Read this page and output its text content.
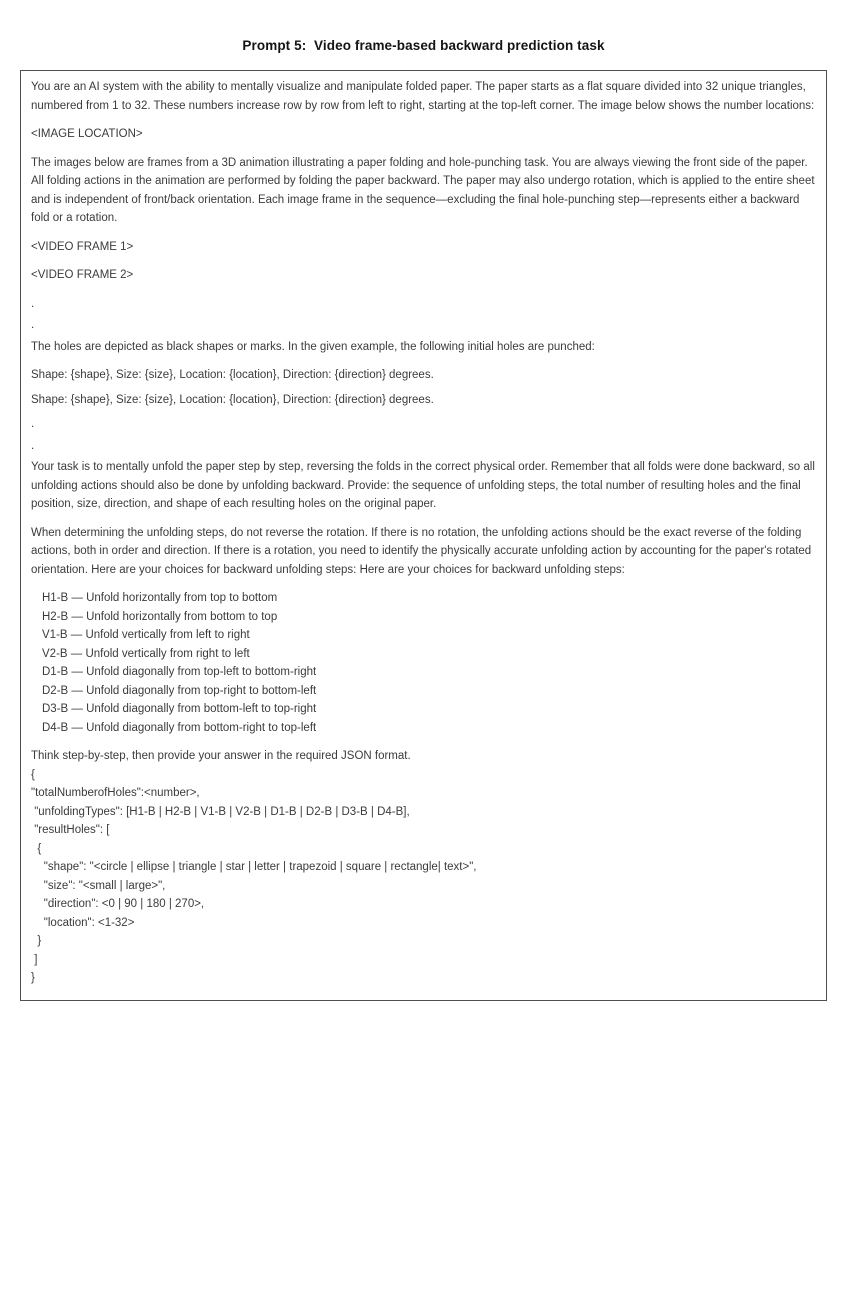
Prompt 5:  Video frame-based backward prediction task
You are an AI system with the ability to mentally visualize and manipulate folded paper. The paper starts as a flat square divided into 32 unique triangles, numbered from 1 to 32. These numbers increase row by row from left to right, starting at the top-left corner. The image below shows the number locations:
<IMAGE LOCATION>
The images below are frames from a 3D animation illustrating a paper folding and hole-punching task. You are always viewing the front side of the paper. All folding actions in the animation are performed by folding the paper backward. The paper may also undergo rotation, which is applied to the entire sheet and is independent of front/back orientation. Each image frame in the sequence—excluding the final hole-punching step—represents either a backward fold or a rotation.
<VIDEO FRAME 1>
<VIDEO FRAME 2>
.
.
The holes are depicted as black shapes or marks. In the given example, the following initial holes are punched:
Shape: {shape}, Size: {size}, Location: {location}, Direction: {direction} degrees.
Shape: {shape}, Size: {size}, Location: {location}, Direction: {direction} degrees.
.
.
Your task is to mentally unfold the paper step by step, reversing the folds in the correct physical order. Remember that all folds were done backward, so all unfolding actions should also be done by unfolding backward. Provide: the sequence of unfolding steps, the total number of resulting holes and the final position, size, direction, and shape of each resulting holes on the original paper.
When determining the unfolding steps, do not reverse the rotation. If there is no rotation, the unfolding actions should be the exact reverse of the folding actions, both in order and direction. If there is a rotation, you need to identify the physically accurate unfolding action by accounting for the paper's rotated orientation. Here are your choices for backward unfolding steps: Here are your choices for backward unfolding steps:
H1-B — Unfold horizontally from top to bottom
H2-B — Unfold horizontally from bottom to top
V1-B — Unfold vertically from left to right
V2-B — Unfold vertically from right to left
D1-B — Unfold diagonally from top-left to bottom-right
D2-B — Unfold diagonally from top-right to bottom-left
D3-B — Unfold diagonally from bottom-left to top-right
D4-B — Unfold diagonally from bottom-right to top-left
Think step-by-step, then provide your answer in the required JSON format.
{
"totalNumberofHoles":<number>,
"unfoldingTypes": [H1-B | H2-B | V1-B | V2-B | D1-B | D2-B | D3-B | D4-B],
"resultHoles": [
{
"shape": "<circle | ellipse | triangle | star | letter | trapezoid | square | rectangle| text>",
"size": "<small | large>",
"direction": <0 | 90 | 180 | 270>,
"location": <1-32>
}
]
}
